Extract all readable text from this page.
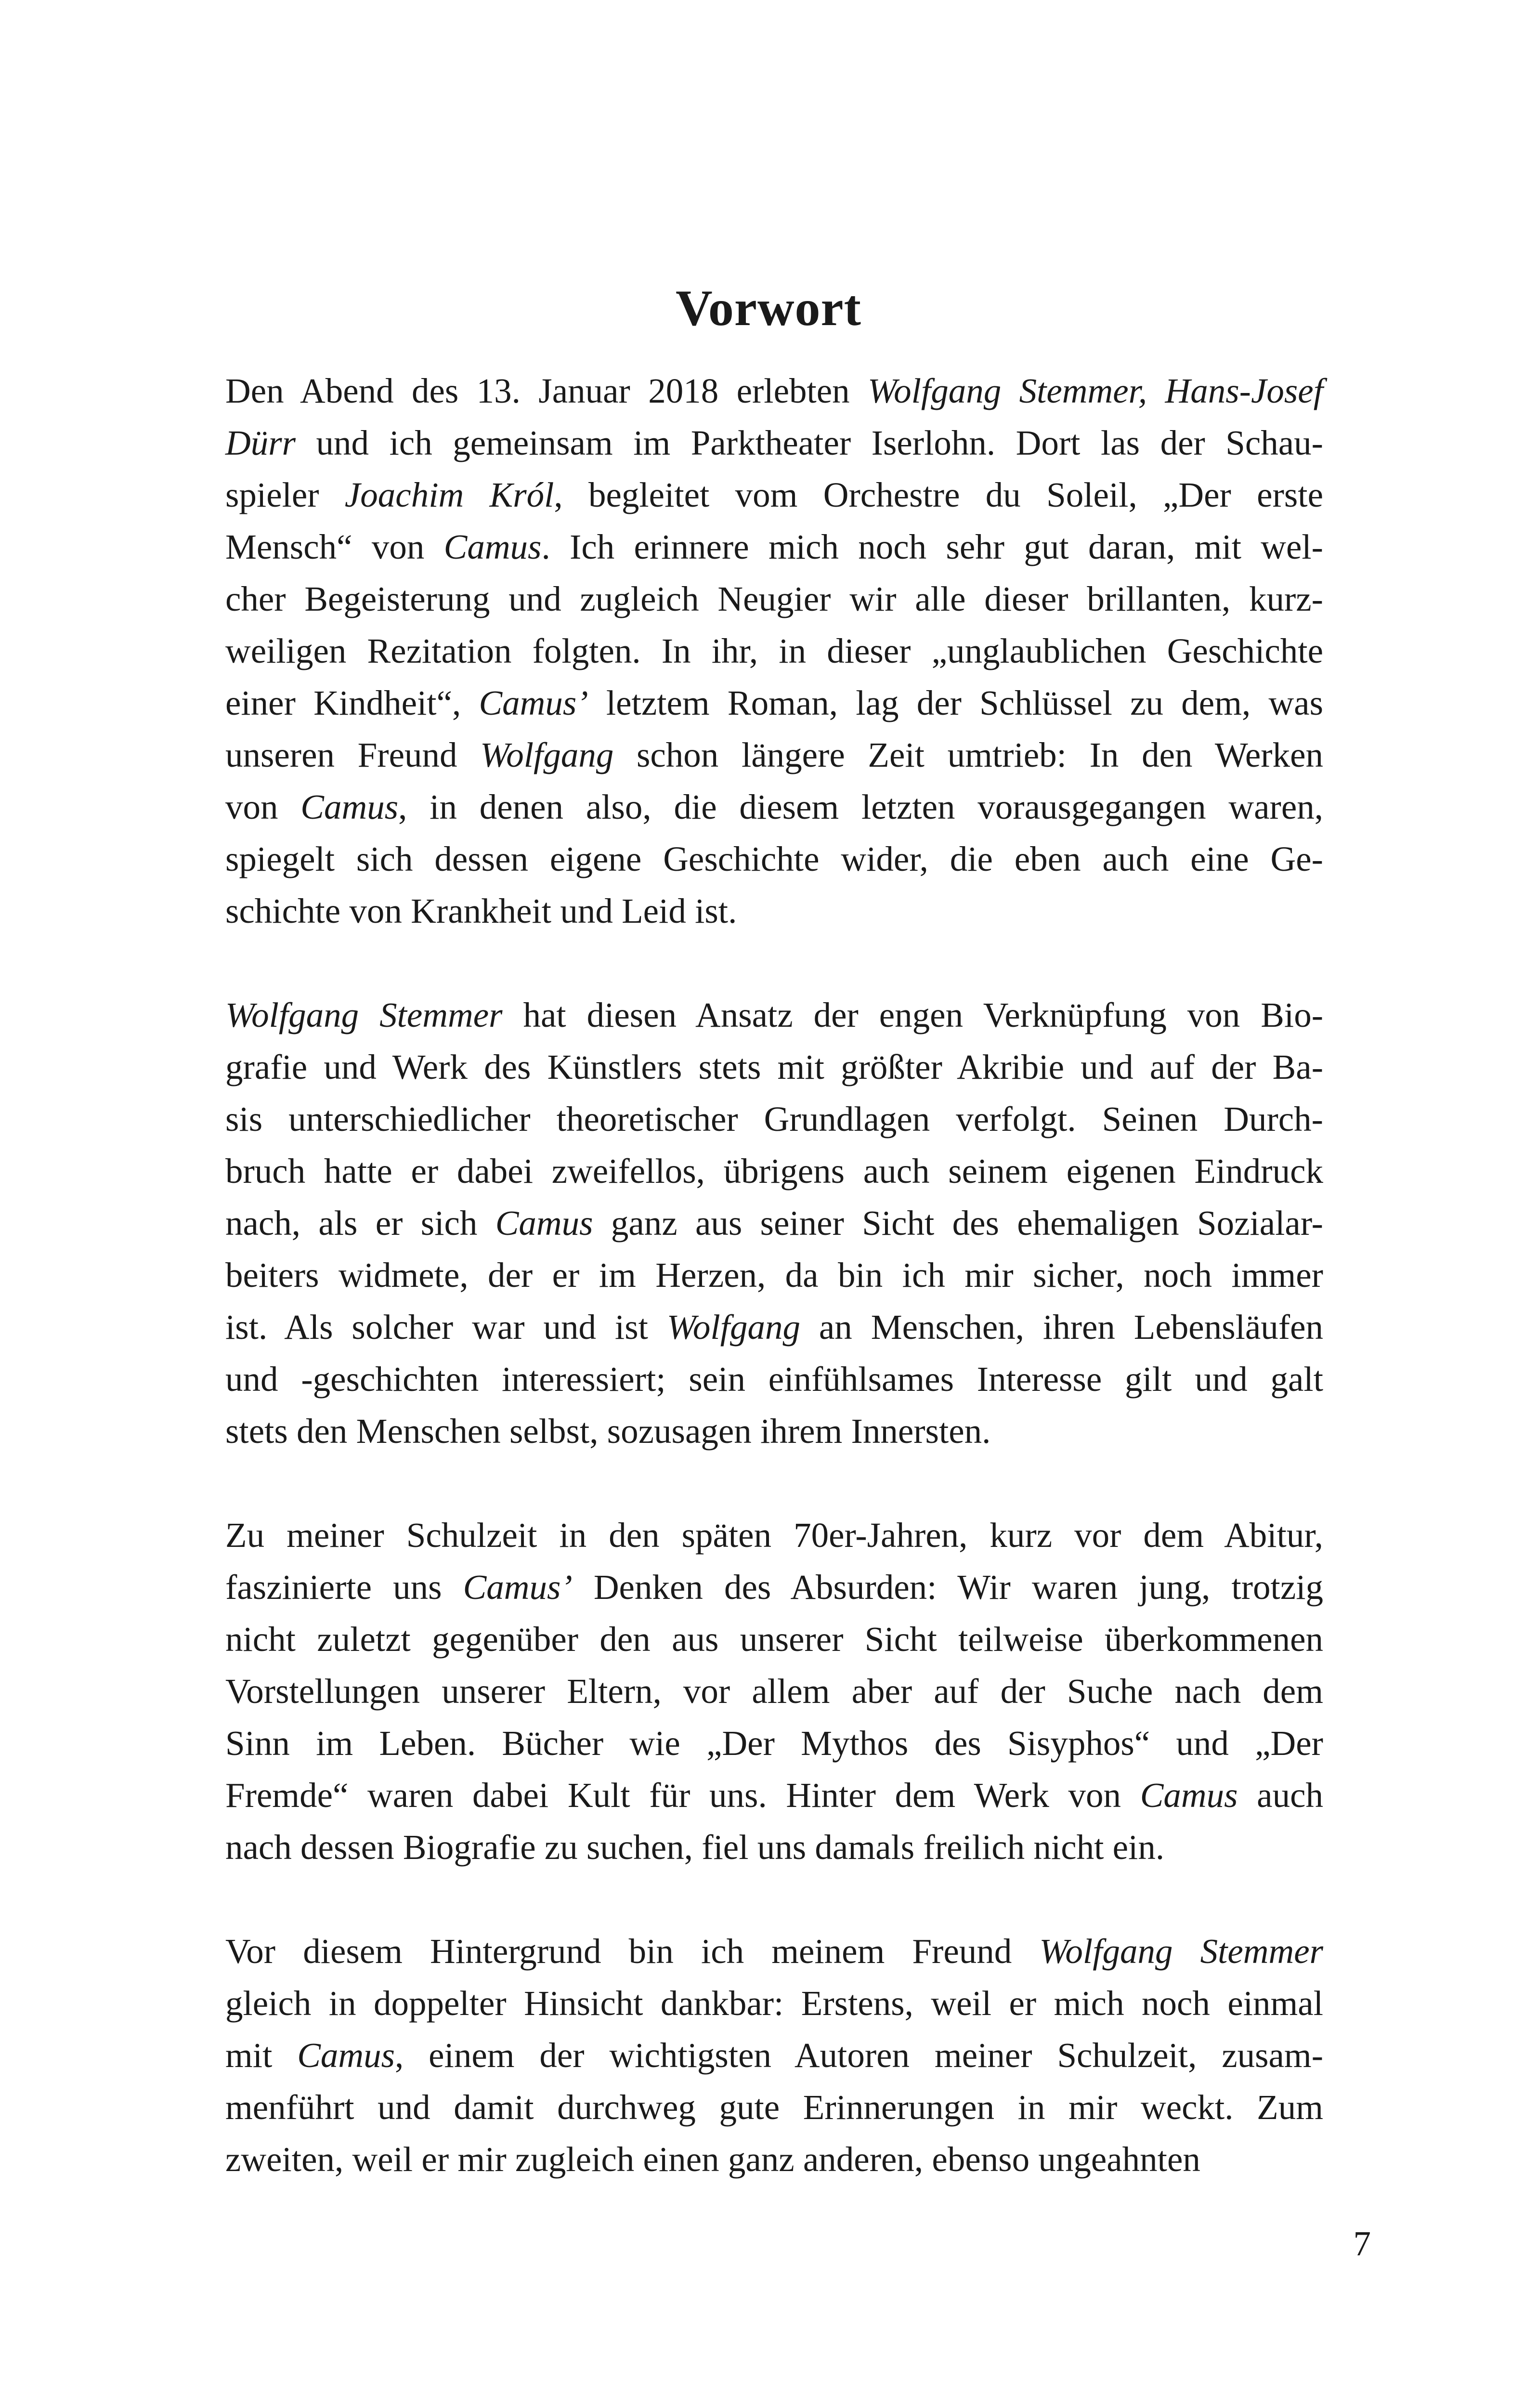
Vorwort
Den Abend des 13. Januar 2018 erlebten Wolfgang Stemmer, Hans-Josef
Dürr und ich gemeinsam im Parktheater Iserlohn. Dort las der Schau-
spieler Joachim Król, begleitet vom Orchestre du Soleil, „Der erste
Mensch“ von Camus. Ich erinnere mich noch sehr gut daran, mit wel-
cher Begeisterung und zugleich Neugier wir alle dieser brillanten, kurz-
weiligen Rezitation folgten. In ihr, in dieser „unglaublichen Geschichte
einer Kindheit“, Camus’ letztem Roman, lag der Schlüssel zu dem, was
unseren Freund Wolfgang schon längere Zeit umtrieb: In den Werken
von Camus, in denen also, die diesem letzten vorausgegangen waren,
spiegelt sich dessen eigene Geschichte wider, die eben auch eine Ge-
schichte von Krankheit und Leid ist.
Wolfgang Stemmer hat diesen Ansatz der engen Verknüpfung von Bio-
grafie und Werk des Künstlers stets mit größter Akribie und auf der Ba-
sis unterschiedlicher theoretischer Grundlagen verfolgt. Seinen Durch-
bruch hatte er dabei zweifellos, übrigens auch seinem eigenen Eindruck
nach, als er sich Camus ganz aus seiner Sicht des ehemaligen Sozialar-
beiters widmete, der er im Herzen, da bin ich mir sicher, noch immer
ist. Als solcher war und ist Wolfgang an Menschen, ihren Lebensläufen
und -geschichten interessiert; sein einfühlsames Interesse gilt und galt
stets den Menschen selbst, sozusagen ihrem Innersten.
Zu meiner Schulzeit in den späten 70er-Jahren, kurz vor dem Abitur,
faszinierte uns Camus’ Denken des Absurden: Wir waren jung, trotzig
nicht zuletzt gegenüber den aus unserer Sicht teilweise überkommenen
Vorstellungen unserer Eltern, vor allem aber auf der Suche nach dem
Sinn im Leben. Bücher wie „Der Mythos des Sisyphos“ und „Der
Fremde“ waren dabei Kult für uns. Hinter dem Werk von Camus auch
nach dessen Biografie zu suchen, fiel uns damals freilich nicht ein.
Vor diesem Hintergrund bin ich meinem Freund Wolfgang Stemmer
gleich in doppelter Hinsicht dankbar: Erstens, weil er mich noch einmal
mit Camus, einem der wichtigsten Autoren meiner Schulzeit, zusam-
menführt und damit durchweg gute Erinnerungen in mir weckt. Zum
zweiten, weil er mir zugleich einen ganz anderen, ebenso ungeahnten
7
